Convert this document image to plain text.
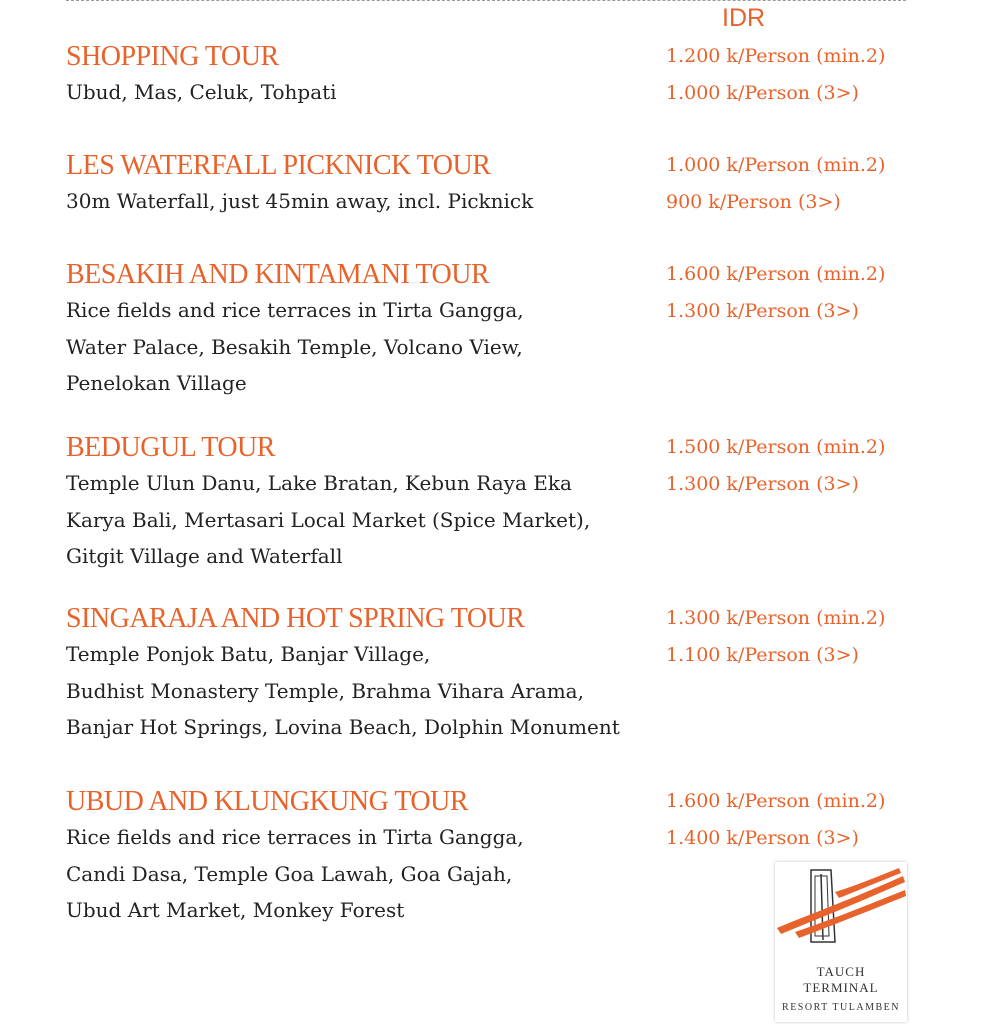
IDR
SHOPPING TOUR
Ubud, Mas, Celuk, Tohpati
1.200 k/Person (min.2)
1.000 k/Person (3>)
LES WATERFALL PICKNICK TOUR
30m Waterfall, just 45min away, incl. Picknick
1.000 k/Person (min.2)
900 k/Person (3>)
BESAKIH AND KINTAMANI TOUR
Rice fields and rice terraces in Tirta Gangga,
Water Palace, Besakih Temple, Volcano View,
Penelokan Village
1.600 k/Person (min.2)
1.300 k/Person (3>)
BEDUGUL TOUR
Temple Ulun Danu, Lake Bratan, Kebun Raya Eka
Karya Bali, Mertasari Local Market (Spice Market),
Gitgit Village and Waterfall
1.500 k/Person (min.2)
1.300 k/Person (3>)
SINGARAJA AND HOT SPRING TOUR
Temple Ponjok Batu, Banjar Village,
Budhist Monastery Temple, Brahma Vihara Arama,
Banjar Hot Springs, Lovina Beach, Dolphin Monument
1.300 k/Person (min.2)
1.100 k/Person (3>)
UBUD AND KLUNGKUNG TOUR
Rice fields and rice terraces in Tirta Gangga,
Candi Dasa, Temple Goa Lawah, Goa Gajah,
Ubud Art Market, Monkey Forest
1.600 k/Person (min.2)
1.400 k/Person (3>)
TAUCH
TERMINAL
RESORT TULAMBEN
